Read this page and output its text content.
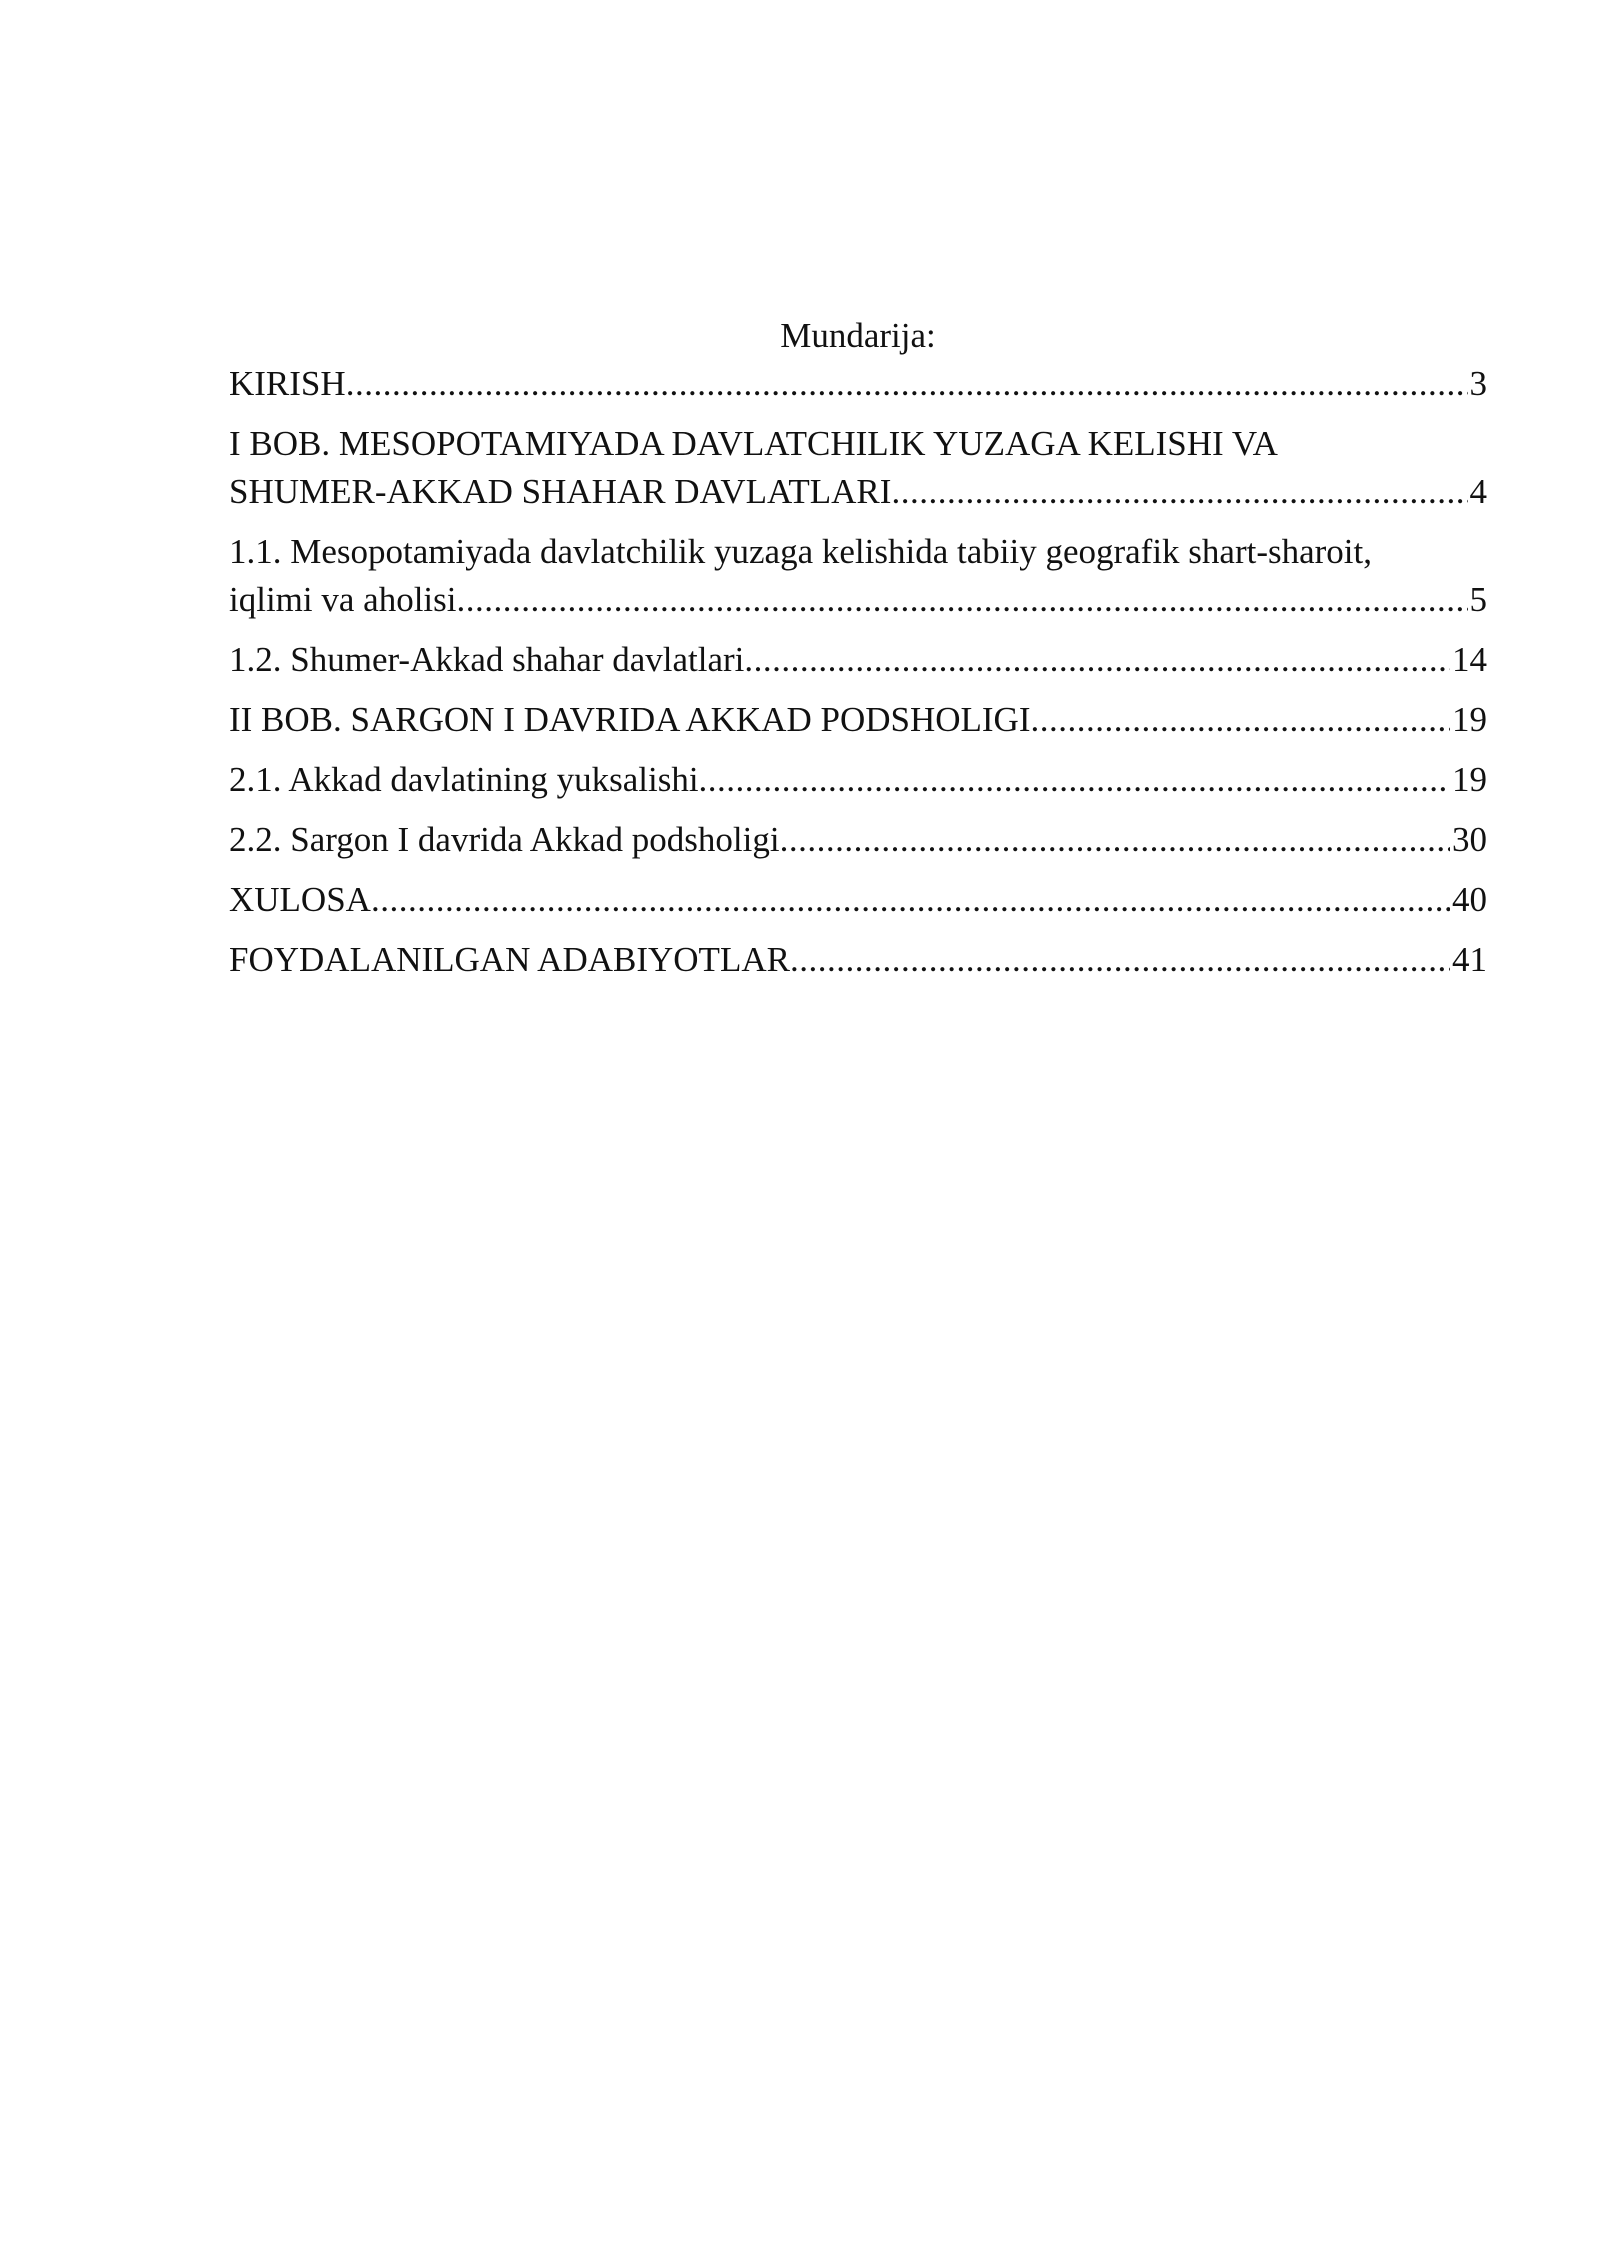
Mundarija:
KIRISH .....	3
I BOB. MESOPOTAMIYADA DAVLATCHILIK YUZAGA KELISHI VA
SHUMER-AKKAD SHAHAR DAVLATLARI .....	4
1.1. Mesopotamiyada davlatchilik yuzaga kelishida tabiiy geografik shart-sharoit,
iqlimi va aholisi .....	5
1.2. Shumer-Akkad shahar davlatlari .....	14
II BOB. SARGON I DAVRIDA AKKAD PODSHOLIGI .....	19
2.1. Akkad davlatining yuksalishi .....	19
2.2. Sargon I davrida Akkad podsholigi .....	30
XULOSA .....	40
FOYDALANILGAN ADABIYOTLAR .....	41
